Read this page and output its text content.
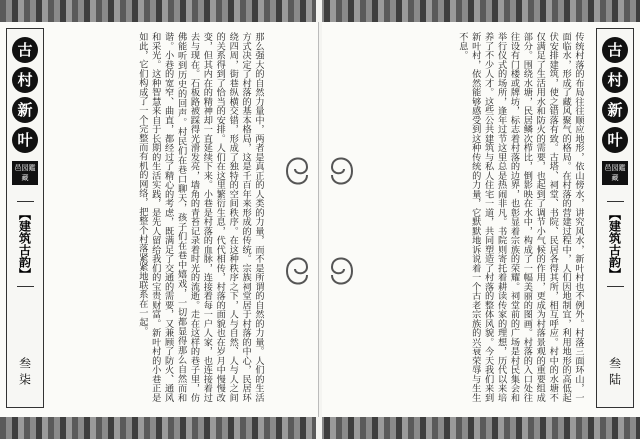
古
村
新
叶
邑园鑑藏
【建筑古韵】
叁 柒	那么强大的自然力量中，两者是真正的人类的力量，而不是所谓的自然的力量。人们的生活方式决定了村落的基本格局，这是千百年来形成的传统。宗族祠堂居于村落的中心，民居环绕四周，街巷纵横交错，形成了独特的空间秩序。在这种秩序之下，人与自然、人与人之间的关系得到了恰当的安排。人们在这里繁衍生息，代代相传，村落的面貌也在岁月中慢慢改变，但其内在的精神却一直延续下来。小巷是村落的血脉，连接着每一户人家，也连接着过去与现在。石板路被踩得光滑发亮，墙角的青苔记录着时光的流逝。走在这样的巷子里，仿佛能听到历史的回声。村民们在巷口聊天，孩子们在巷中嬉戏，一切都显得那么自然而和谐。小巷的宽窄、曲直，都经过了精心的考虑，既满足了交通的需要，又兼顾了防火、通风和采光。这种智慧来自于长期的生活实践，是先人留给我们的宝贵财富。新叶村的小巷正是如此，它们构成了一个完整而有机的网络，把整个村落紧紧地联系在一起。	传统村落的布局往往顺应地形，依山傍水，讲究风水，新叶村也不例外。村落三面环山，一面临水，形成了藏风聚气的格局。在村落的营建过程中，人们因地制宜，利用地形的高低起伏安排建筑，使之错落有致。古塔、祠堂、书院、民居各得其所，相互呼应。村中的水塘不仅满足了生活用水和防火的需要，也起到了调节小气候的作用，更成为村落景观的重要组成部分。围绕水塘，民居鳞次栉比，倒影映在水中，构成了一幅美丽的图画。村落的入口处往往设有门楼或牌坊，标志着村落的边界，也彰显着宗族的荣耀。祠堂前的广场是村民集会和举行仪式的场所，逢年过节这里总是热闹非凡。书院则寄托着耕读传家的理想，历代以来培养了不少人才。这些公共建筑与私人住宅一道，共同塑造了村落的整体风貌。今天我们来到新叶村，依然能够感受到这种传统的力量，它默默地诉说着一个古老宗族的兴衰荣辱与生生不息。	古
村
新
叶
邑园鑑藏
【建筑古韵】
叁 陆
